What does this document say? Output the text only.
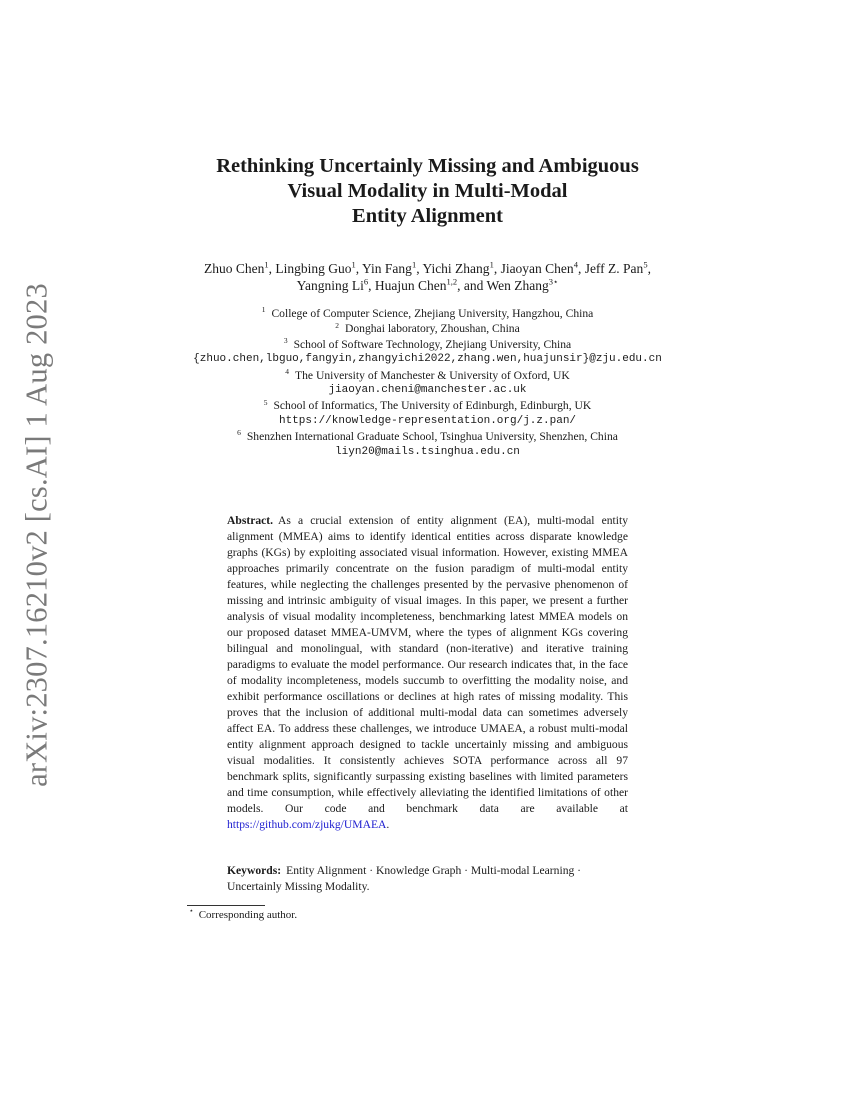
arXiv:2307.16210v2 [cs.AI] 1 Aug 2023
Rethinking Uncertainly Missing and Ambiguous
Visual Modality in Multi-Modal
Entity Alignment
Zhuo Chen$^1$, Lingbing Guo$^1$, Yin Fang$^1$, Yichi Zhang$^1$, Jiaoyan Chen$^4$, Jeff Z. Pan$^5$, Yangning Li$^6$, Huajun Chen$^{1,2}$, and Wen Zhang$^{3⋆}$
$^1$ College of Computer Science, Zhejiang University, Hangzhou, China
$^2$ Donghai laboratory, Zhoushan, China
$^3$ School of Software Technology, Zhejiang University, China
{zhuo.chen,lbguo,fangyin,zhangyichi2022,zhang.wen,huajunsir}@zju.edu.cn
$^4$ The University of Manchester & University of Oxford, UK
jiaoyan.cheni@manchester.ac.uk
$^5$ School of Informatics, The University of Edinburgh, Edinburgh, UK
https://knowledge-representation.org/j.z.pan/
$^6$ Shenzhen International Graduate School, Tsinghua University, Shenzhen, China
liyn20@mails.tsinghua.edu.cn
Abstract. As a crucial extension of entity alignment (EA), multi-modal entity alignment (MMEA) aims to identify identical entities across disparate knowledge graphs (KGs) by exploiting associated visual information. However, existing MMEA approaches primarily concentrate on the fusion paradigm of multi-modal entity features, while neglecting the challenges presented by the pervasive phenomenon of missing and intrinsic ambiguity of visual images. In this paper, we present a further analysis of visual modality incompleteness, benchmarking latest MMEA models on our proposed dataset MMEA-UMVM, where the types of alignment KGs covering bilingual and monolingual, with standard (non-iterative) and iterative training paradigms to evaluate the model performance. Our research indicates that, in the face of modality incompleteness, models succumb to overfitting the modality noise, and exhibit performance oscillations or declines at high rates of missing modality. This proves that the inclusion of additional multi-modal data can sometimes adversely affect EA. To address these challenges, we introduce UMAEA, a robust multi-modal entity alignment approach designed to tackle uncertainly missing and ambiguous visual modalities. It consistently achieves SOTA performance across all 97 benchmark splits, significantly surpassing existing baselines with limited parameters and time consumption, while effectively alleviating the identified limitations of other models. Our code and benchmark data are available at https://github.com/zjukg/UMAEA.
Keywords: Entity Alignment · Knowledge Graph · Multi-modal Learning · Uncertainly Missing Modality.
⋆ Corresponding author.
